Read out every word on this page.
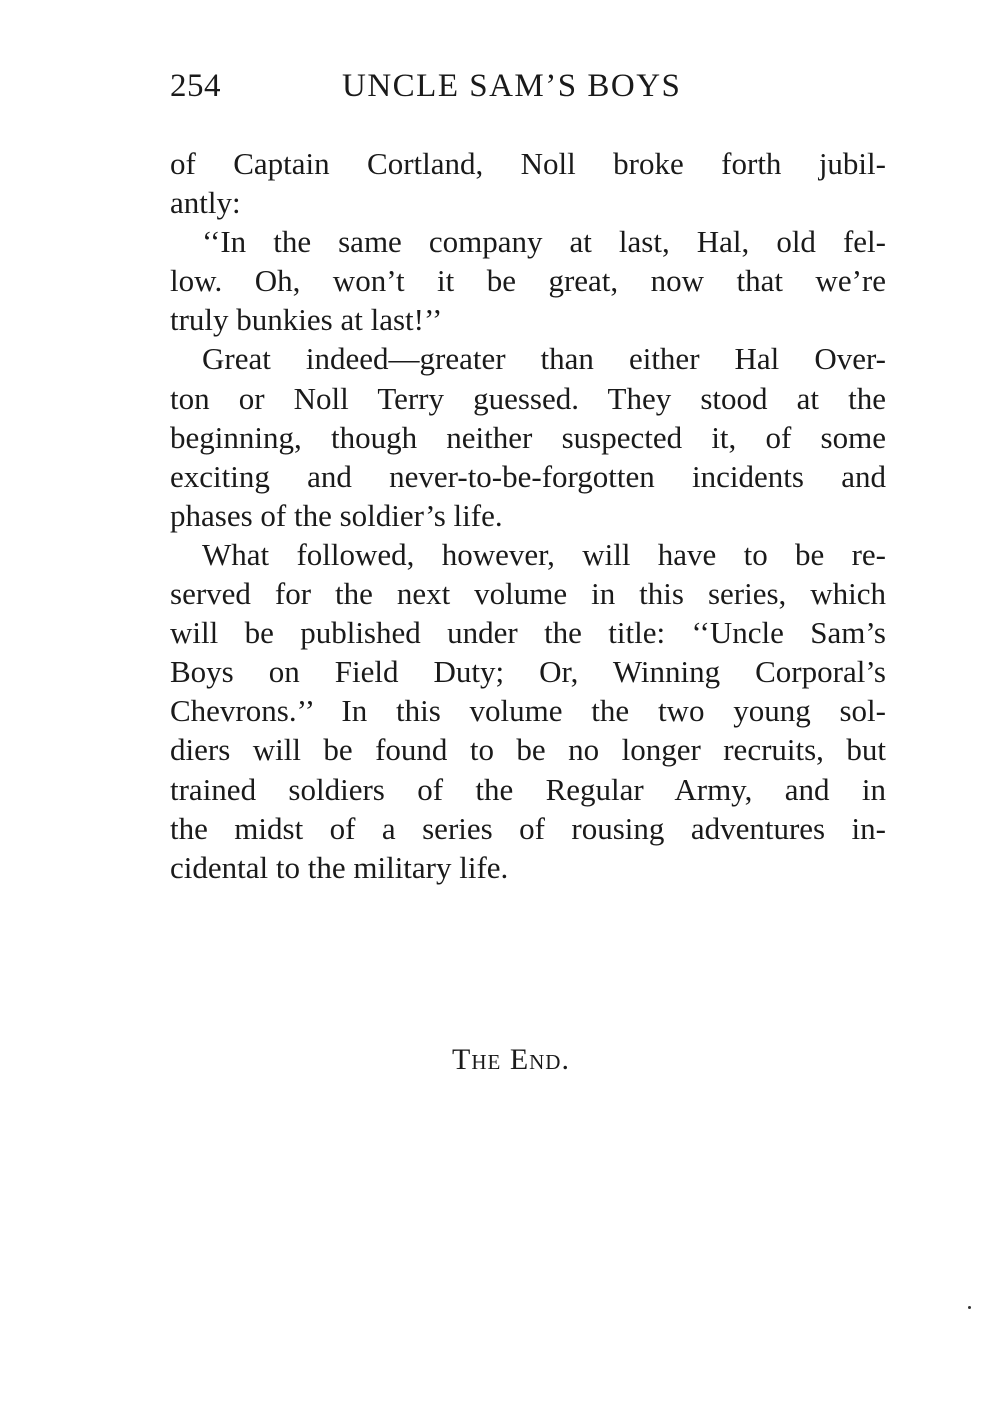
254	UNCLE SAM’S BOYS
of Captain Cortland, Noll broke forth jubil-
antly:
‘‘In the same company at last, Hal, old fel-
low. Oh, won’t it be great, now that we’re
truly bunkies at last!’’
Great indeed—greater than either Hal Over-
ton or Noll Terry guessed. They stood at the
beginning, though neither suspected it, of some
exciting and never-to-be-forgotten incidents and
phases of the soldier’s life.
What followed, however, will have to be re-
served for the next volume in this series, which
will be published under the title: ‘‘Uncle Sam’s
Boys on Field Duty; Or, Winning Corporal’s
Chevrons.’’ In this volume the two young sol-
diers will be found to be no longer recruits, but
trained soldiers of the Regular Army, and in
the midst of a series of rousing adventures in-
cidental to the military life.
The End.
